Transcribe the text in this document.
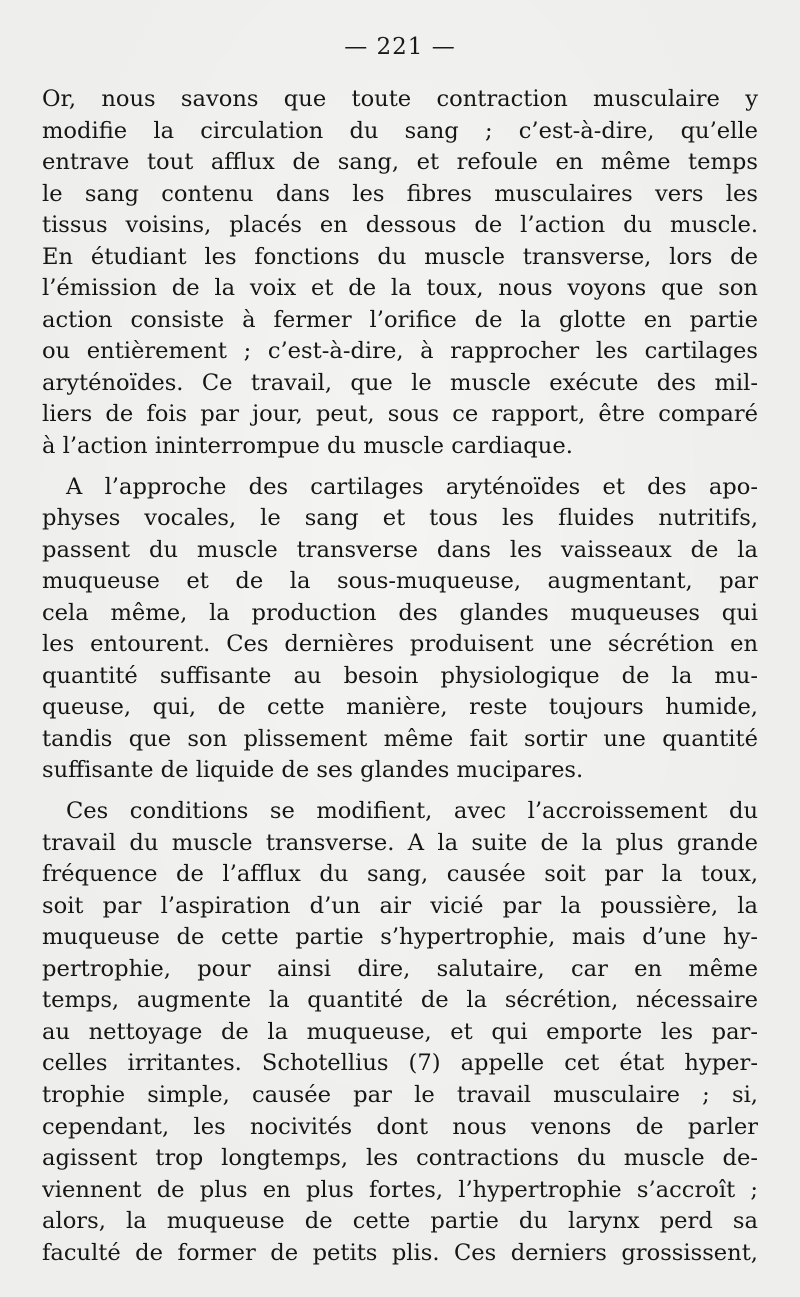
— 221 —
Or, nous savons que toute contraction musculaire y
modifie la circulation du sang ; c’est-à-dire, qu’elle
entrave tout afflux de sang, et refoule en même temps
le sang contenu dans les fibres musculaires vers les
tissus voisins, placés en dessous de l’action du muscle.
En étudiant les fonctions du muscle transverse, lors de
l’émission de la voix et de la toux, nous voyons que son
action consiste à fermer l’orifice de la glotte en partie
ou entièrement ; c’est-à-dire, à rapprocher les cartilages
aryténoïdes. Ce travail, que le muscle exécute des mil-
liers de fois par jour, peut, sous ce rapport, être comparé
à l’action ininterrompue du muscle cardiaque.
A l’approche des cartilages aryténoïdes et des apo-
physes vocales, le sang et tous les fluides nutritifs,
passent du muscle transverse dans les vaisseaux de la
muqueuse et de la sous-muqueuse, augmentant, par
cela même, la production des glandes muqueuses qui
les entourent. Ces dernières produisent une sécrétion en
quantité suffisante au besoin physiologique de la mu-
queuse, qui, de cette manière, reste toujours humide,
tandis que son plissement même fait sortir une quantité
suffisante de liquide de ses glandes mucipares.
Ces conditions se modifient, avec l’accroissement du
travail du muscle transverse. A la suite de la plus grande
fréquence de l’afflux du sang, causée soit par la toux,
soit par l’aspiration d’un air vicié par la poussière, la
muqueuse de cette partie s’hypertrophie, mais d’une hy-
pertrophie, pour ainsi dire, salutaire, car en même
temps, augmente la quantité de la sécrétion, nécessaire
au nettoyage de la muqueuse, et qui emporte les par-
celles irritantes. Schotellius (7) appelle cet état hyper-
trophie simple, causée par le travail musculaire ; si,
cependant, les nocivités dont nous venons de parler
agissent trop longtemps, les contractions du muscle de-
viennent de plus en plus fortes, l’hypertrophie s’accroît ;
alors, la muqueuse de cette partie du larynx perd sa
faculté de former de petits plis. Ces derniers grossissent,
